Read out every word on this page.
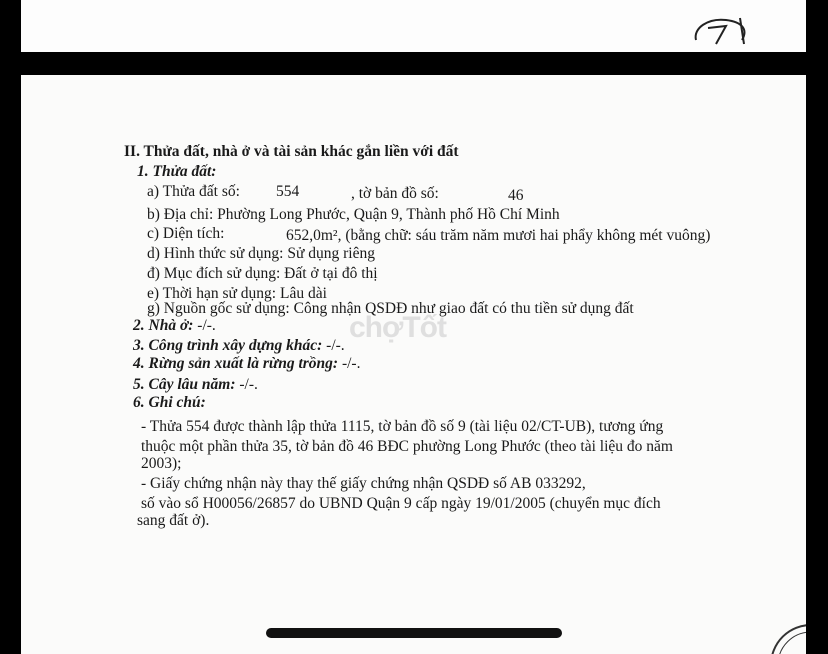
II. Thửa đất, nhà ở và tài sản khác gắn liền với đất
1. Thửa đất:
a) Thửa đất số: 554	, tờ bản đồ số:	46
b) Địa chỉ: Phường Long Phước, Quận 9, Thành phố Hồ Chí Minh
c) Diện tích:	652,0m², (bằng chữ: sáu trăm năm mươi hai phẩy không mét vuông)
d) Hình thức sử dụng: Sử dụng riêng
đ) Mục đích sử dụng: Đất ở tại đô thị
e) Thời hạn sử dụng: Lâu dài
g) Nguồn gốc sử dụng: Công nhận QSDĐ như giao đất có thu tiền sử dụng đất
2. Nhà ở: -/-.
3. Công trình xây dựng khác: -/-.
4. Rừng sản xuất là rừng trồng: -/-.
5. Cây lâu năm: -/-.
6. Ghi chú:
- Thửa 554 được thành lập thửa 1115, tờ bản đồ số 9 (tài liệu 02/CT-UB), tương ứng
thuộc một phần thửa 35, tờ bản đồ 46 BĐC phường Long Phước (theo tài liệu đo năm
2003);
- Giấy chứng nhận này thay thế giấy chứng nhận QSDĐ số AB 033292,
số vào sổ H00056/26857 do UBND Quận 9 cấp ngày 19/01/2005 (chuyển mục đích
sang đất ở).
chợTốt
